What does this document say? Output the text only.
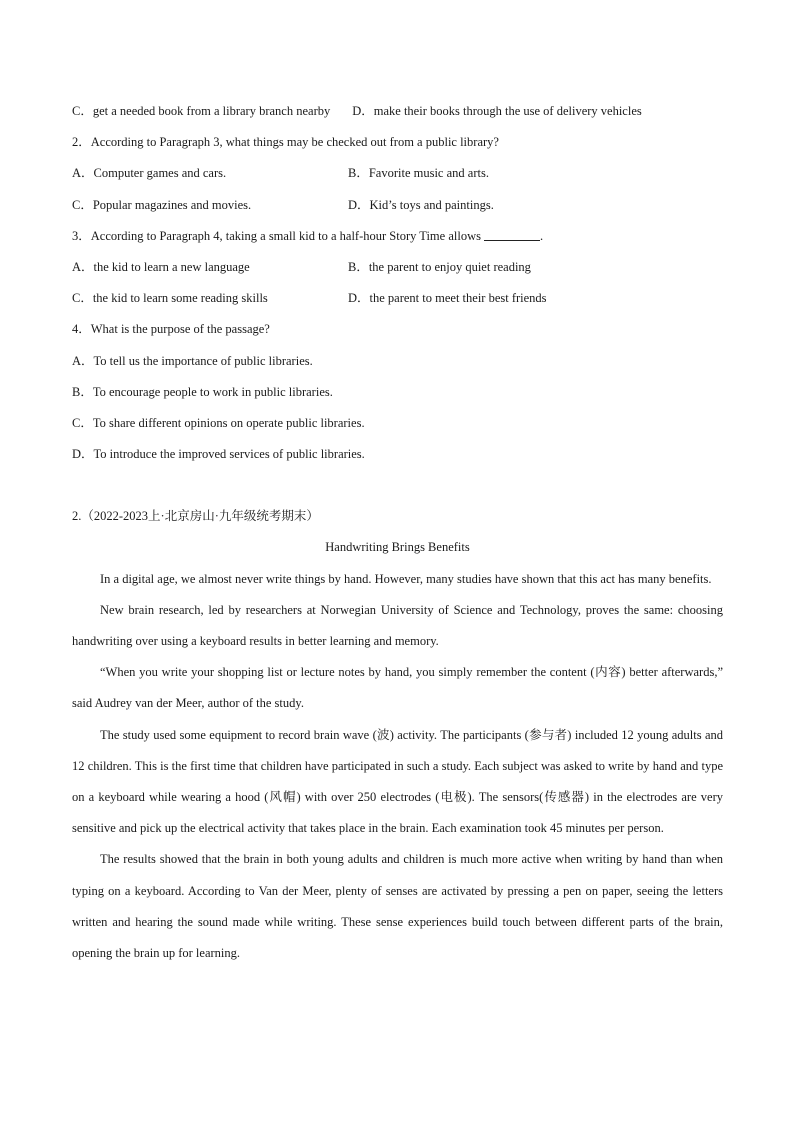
C．get a needed book from a library branch nearby D．make their books through the use of delivery vehicles
2．According to Paragraph 3, what things may be checked out from a public library?
A．Computer games and cars.	B．Favorite music and arts.
C．Popular magazines and movies.	D．Kid’s toys and paintings.
3．According to Paragraph 4, taking a small kid to a half-hour Story Time allows	.
A．the kid to learn a new language	B．the parent to enjoy quiet reading
C．the kid to learn some reading skills	D．the parent to meet their best friends
4．What is the purpose of the passage?
A．To tell us the importance of public libraries.
B．To encourage people to work in public libraries.
C．To share different opinions on operate public libraries.
D．To introduce the improved services of public libraries.
2.（2022-2023上·北京房山·九年级统考期末）
Handwriting Brings Benefits
In a digital age, we almost never write things by hand. However, many studies have shown that this act has many benefits.
New brain research, led by researchers at Norwegian University of Science and Technology, proves the same: choosing handwriting over using a keyboard results in better learning and memory.
“When you write your shopping list or lecture notes by hand, you simply remember the content (内容) better afterwards,” said Audrey van der Meer, author of the study.
The study used some equipment to record brain wave (波) activity. The participants (参与者) included 12 young adults and 12 children. This is the first time that children have participated in such a study. Each subject was asked to write by hand and type on a keyboard while wearing a hood (风帽) with over 250 electrodes (电极). The sensors(传感器) in the electrodes are very sensitive and pick up the electrical activity that takes place in the brain. Each examination took 45 minutes per person.
The results showed that the brain in both young adults and children is much more active when writing by hand than when typing on a keyboard. According to Van der Meer, plenty of senses are activated by pressing a pen on paper, seeing the letters written and hearing the sound made while writing. These sense experiences build touch between different parts of the brain, opening the brain up for learning.
